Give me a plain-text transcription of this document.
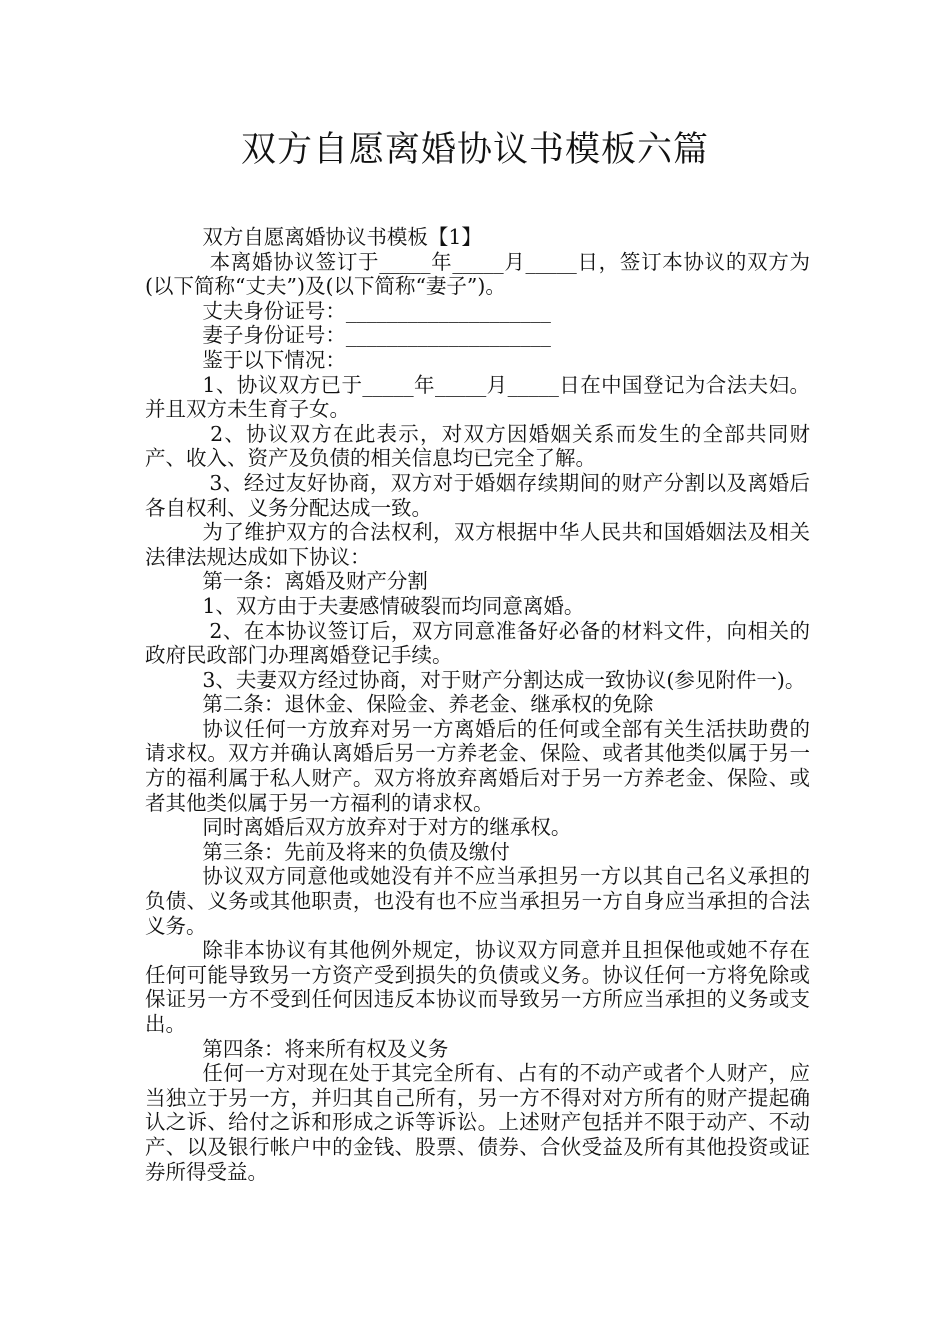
双方自愿离婚协议书模板六篇

双方自愿离婚协议书模板【1】

本离婚协议签订于_____年_____月_____日，签订本协议的双方为(以下简称“丈夫”)及(以下简称“妻子”)。

丈夫身份证号：____________________

妻子身份证号：____________________

鉴于以下情况：

1、协议双方已于_____年_____月_____日在中国登记为合法夫妇。并且双方未生育子女。

2、协议双方在此表示，对双方因婚姻关系而发生的全部共同财产、收入、资产及负债的相关信息均已完全了解。

3、经过友好协商，双方对于婚姻存续期间的财产分割以及离婚后各自权利、义务分配达成一致。

为了维护双方的合法权利，双方根据中华人民共和国婚姻法及相关法律法规达成如下协议：

第一条：离婚及财产分割

1、双方由于夫妻感情破裂而均同意离婚。

2、在本协议签订后，双方同意准备好必备的材料文件，向相关的政府民政部门办理离婚登记手续。

3、夫妻双方经过协商，对于财产分割达成一致协议(参见附件一)。

第二条：退休金、保险金、养老金、继承权的免除

协议任何一方放弃对另一方离婚后的任何或全部有关生活扶助费的请求权。双方并确认离婚后另一方养老金、保险、或者其他类似属于另一方的福利属于私人财产。双方将放弃离婚后对于另一方养老金、保险、或者其他类似属于另一方福利的请求权。

同时离婚后双方放弃对于对方的继承权。

第三条：先前及将来的负债及缴付

协议双方同意他或她没有并不应当承担另一方以其自己名义承担的负债、义务或其他职责，也没有也不应当承担另一方自身应当承担的合法义务。

除非本协议有其他例外规定，协议双方同意并且担保他或她不存在任何可能导致另一方资产受到损失的负债或义务。协议任何一方将免除或保证另一方不受到任何因违反本协议而导致另一方所应当承担的义务或支出。

第四条：将来所有权及义务

任何一方对现在处于其完全所有、占有的不动产或者个人财产，应当独立于另一方，并归其自己所有，另一方不得对对方所有的财产提起确认之诉、给付之诉和形成之诉等诉讼。上述财产包括并不限于动产、不动产、以及银行帐户中的金钱、股票、债券、合伙受益及所有其他投资或证券所得受益。
